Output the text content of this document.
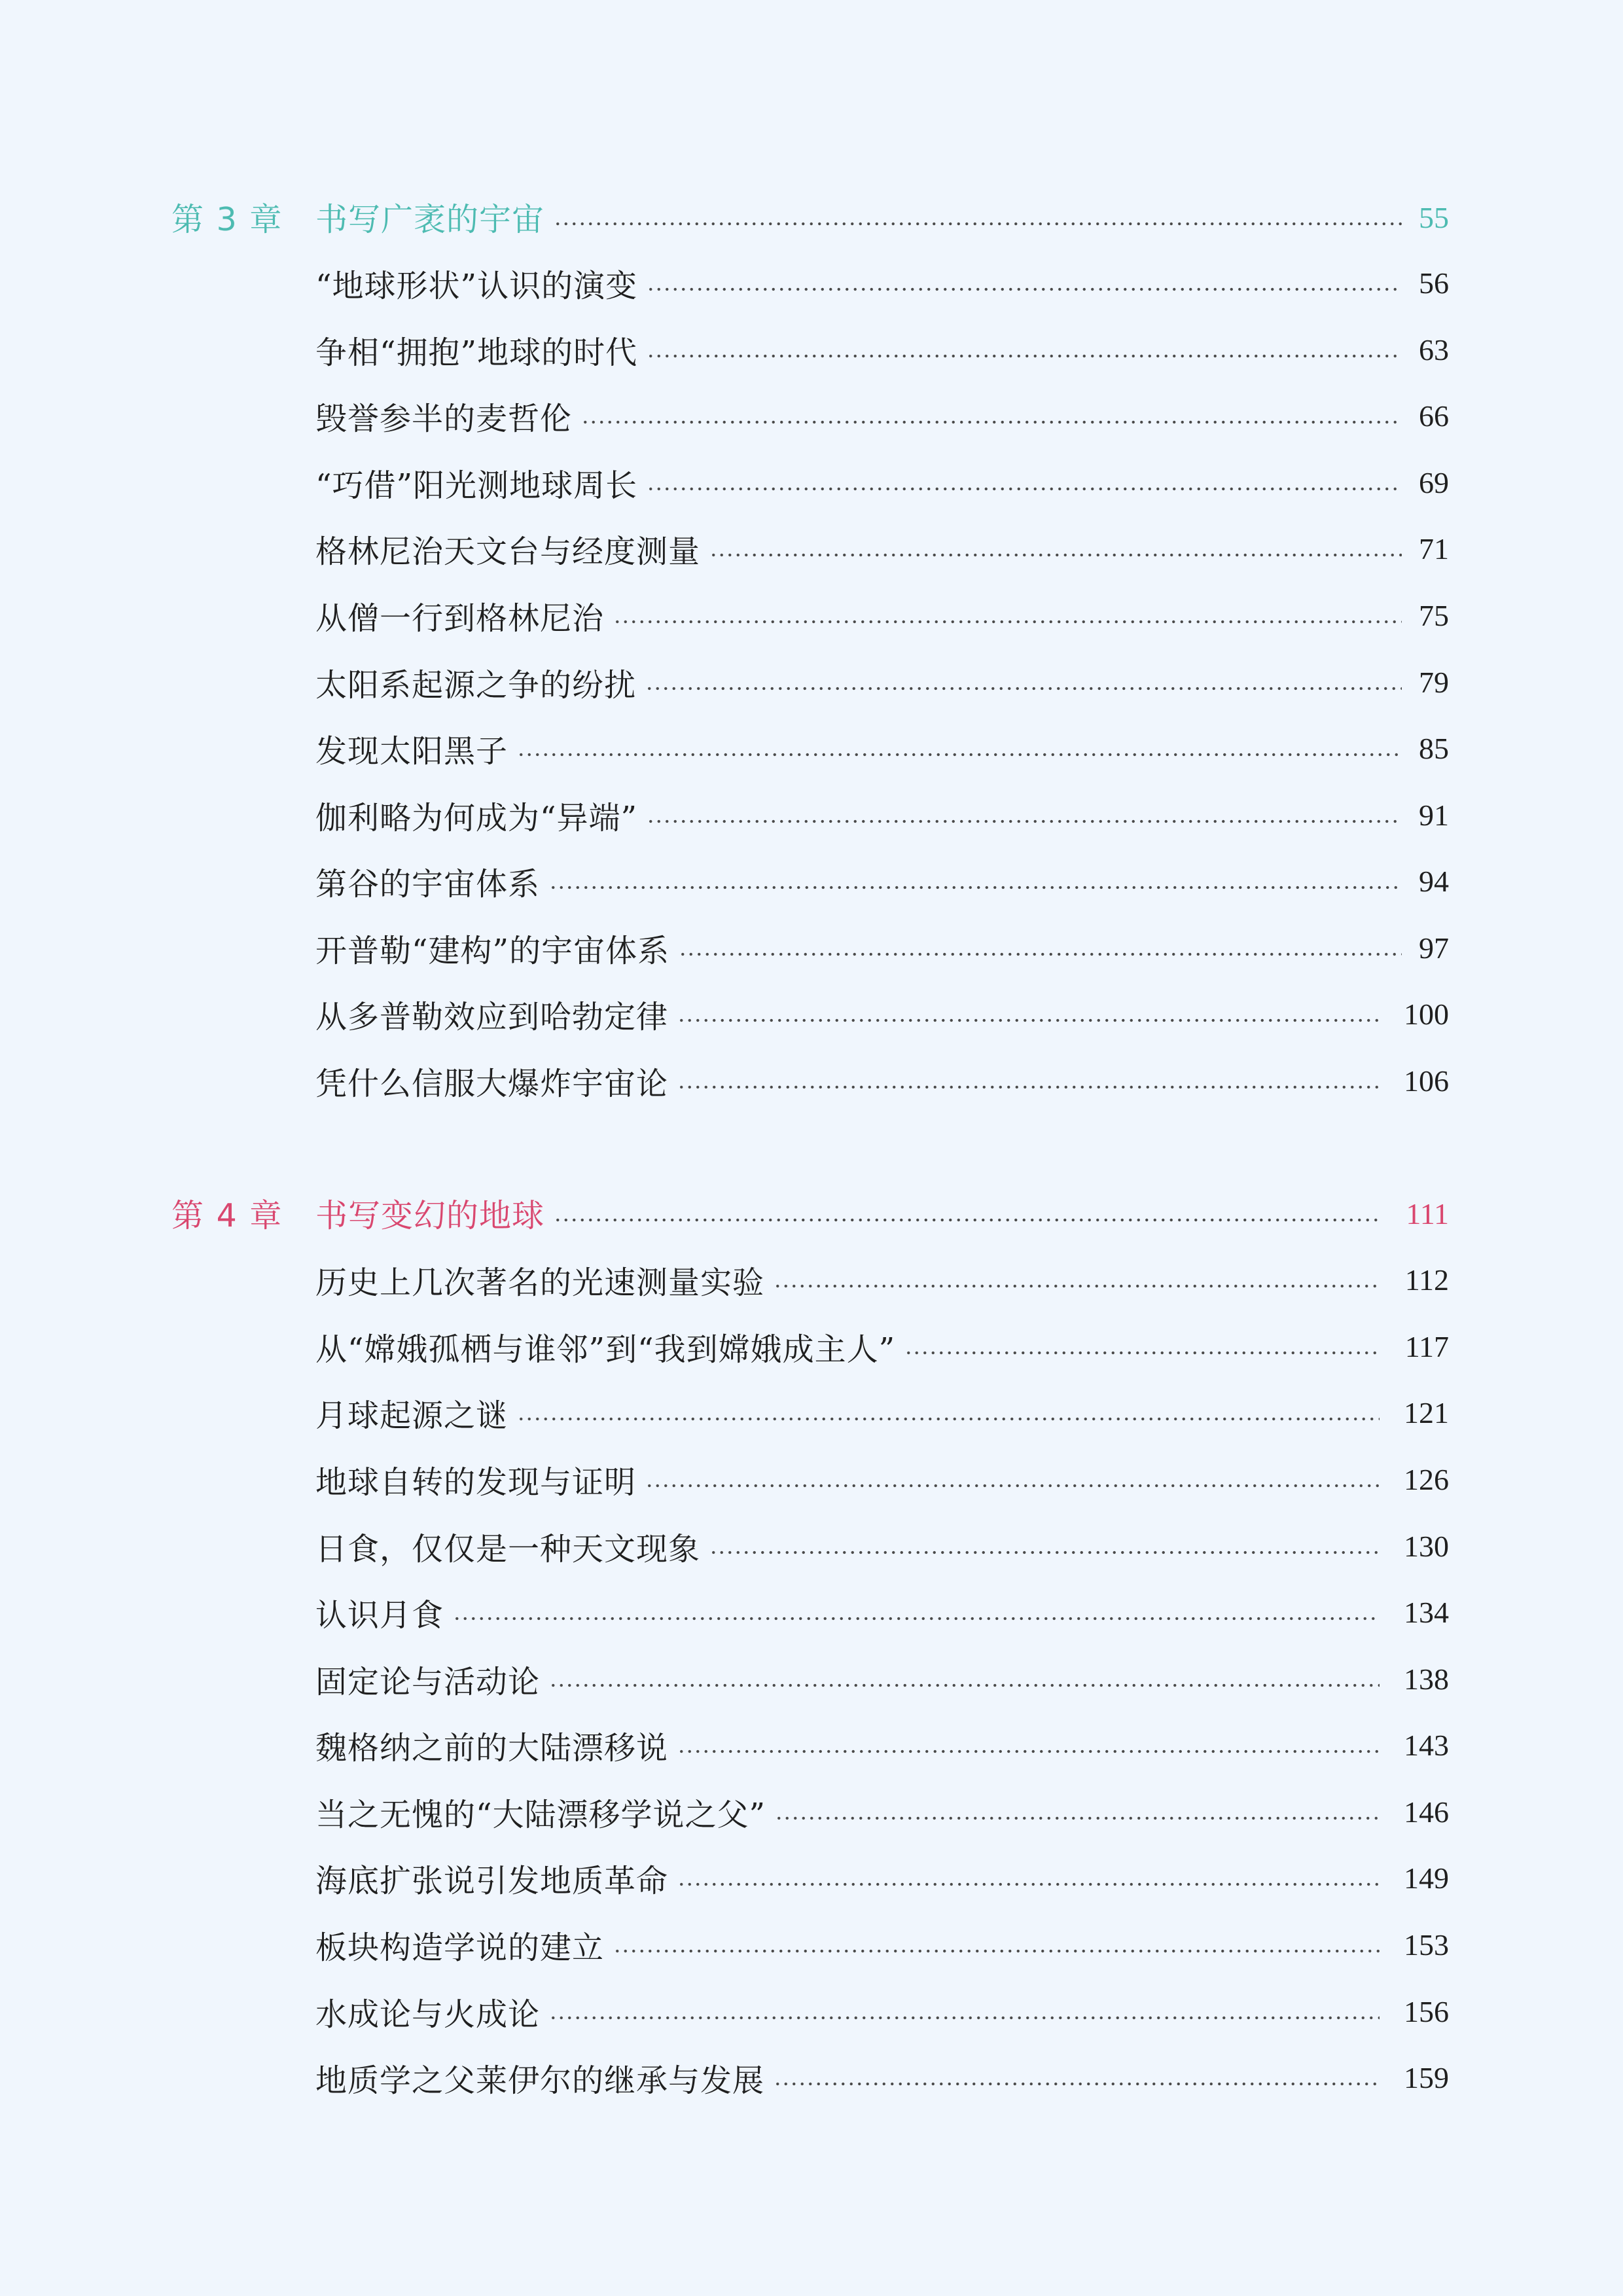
第 3 章	书写广袤的宇宙	55
“地球形状”认识的演变	56
争相“拥抱”地球的时代	63
毁誉参半的麦哲伦	66
“巧借”阳光测地球周长	69
格林尼治天文台与经度测量	71
从僧一行到格林尼治	75
太阳系起源之争的纷扰	79
发现太阳黑子	85
伽利略为何成为“异端”	91
第谷的宇宙体系	94
开普勒“建构”的宇宙体系	97
从多普勒效应到哈勃定律	100
凭什么信服大爆炸宇宙论	106
第 4 章	书写变幻的地球	111
历史上几次著名的光速测量实验	112
从“嫦娥孤栖与谁邻”到“我到嫦娥成主人”	117
月球起源之谜	121
地球自转的发现与证明	126
日食，仅仅是一种天文现象	130
认识月食	134
固定论与活动论	138
魏格纳之前的大陆漂移说	143
当之无愧的“大陆漂移学说之父”	146
海底扩张说引发地质革命	149
板块构造学说的建立	153
水成论与火成论	156
地质学之父莱伊尔的继承与发展	159
